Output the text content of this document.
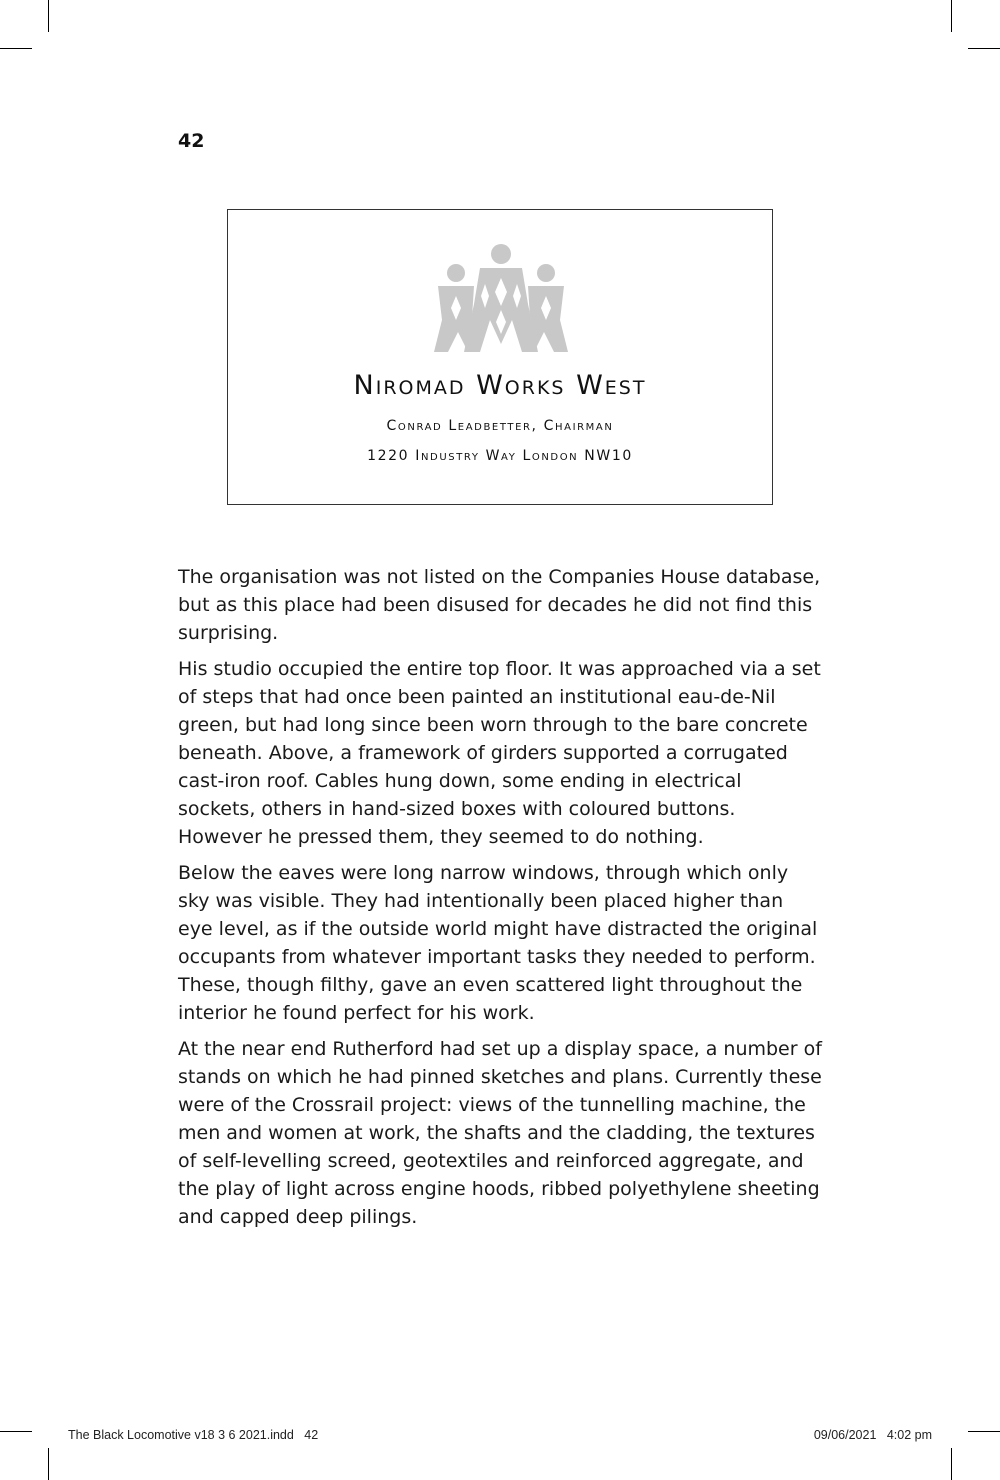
42
Niromad Works West
Conrad Leadbetter, Chairman
1220 Industry Way London NW10

The organisation was not listed on the Companies House database, but as this place had been disused for decades he did not find this surprising.

His studio occupied the entire top floor. It was approached via a set of steps that had once been painted an institutional eau-de-Nil green, but had long since been worn through to the bare concrete beneath. Above, a framework of girders supported a corrugated cast-iron roof. Cables hung down, some ending in electrical sockets, others in hand-sized boxes with coloured buttons. However he pressed them, they seemed to do nothing.

Below the eaves were long narrow windows, through which only sky was visible. They had intentionally been placed higher than eye level, as if the outside world might have distracted the original occupants from whatever important tasks they needed to perform. These, though filthy, gave an even scattered light throughout the interior he found perfect for his work.

At the near end Rutherford had set up a display space, a number of stands on which he had pinned sketches and plans. Currently these were of the Crossrail project: views of the tunnelling machine, the men and women at work, the shafts and the cladding, the textures of self-levelling screed, geotextiles and reinforced aggregate, and the play of light across engine hoods, ribbed polyethylene sheeting and capped deep pilings.

The Black Locomotive v18 3 6 2021.indd   42	09/06/2021   4:02 pm
